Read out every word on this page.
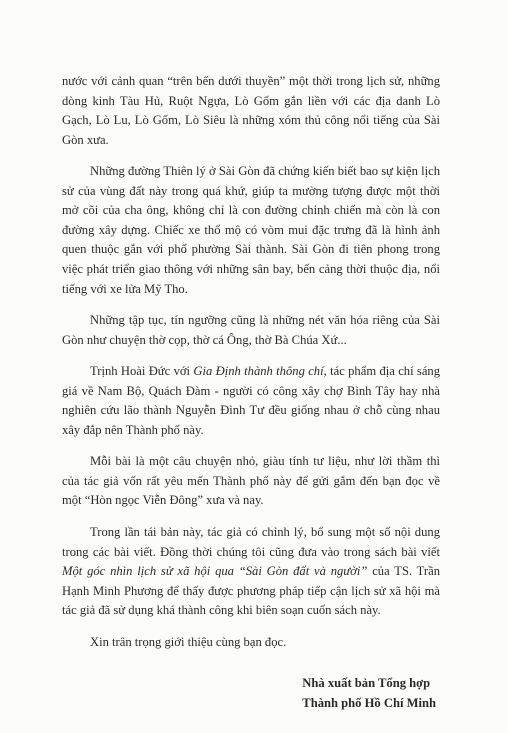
nước với cảnh quan “trên bến dưới thuyền” một thời trong lịch sử, những dòng kinh Tàu Hủ, Ruột Ngựa, Lò Gốm gắn liền với các địa danh Lò Gạch, Lò Lu, Lò Gốm, Lò Siêu là những xóm thủ công nổi tiếng của Sài Gòn xưa.

Những đường Thiên lý ở Sài Gòn đã chứng kiến biết bao sự kiện lịch sử của vùng đất này trong quá khứ, giúp ta mường tượng được một thời mở cõi của cha ông, không chỉ là con đường chinh chiến mà còn là con đường xây dựng. Chiếc xe thổ mộ có vòm mui đặc trưng đã là hình ảnh quen thuộc gắn với phố phường Sài thành. Sài Gòn đi tiên phong trong việc phát triển giao thông với những sân bay, bến cảng thời thuộc địa, nổi tiếng với xe lửa Mỹ Tho.

Những tập tục, tín ngưỡng cũng là những nét văn hóa riêng của Sài Gòn như chuyện thờ cọp, thờ cá Ông, thờ Bà Chúa Xứ...

Trịnh Hoài Đức với Gia Định thành thông chí, tác phẩm địa chí sáng giá về Nam Bộ, Quách Đàm - người có công xây chợ Bình Tây hay nhà nghiên cứu lão thành Nguyễn Đình Tư đều giống nhau ở chỗ cùng nhau xây đắp nên Thành phố này.

Mỗi bài là một câu chuyện nhỏ, giàu tính tư liệu, như lời thầm thì của tác giả vốn rất yêu mến Thành phố này để gửi gắm đến bạn đọc về một “Hòn ngọc Viễn Đông” xưa và nay.

Trong lần tái bản này, tác giả có chỉnh lý, bổ sung một số nội dung trong các bài viết. Đồng thời chúng tôi cũng đưa vào trong sách bài viết Một góc nhìn lịch sử xã hội qua “Sài Gòn đất và người” của TS. Trần Hạnh Minh Phương để thấy được phương pháp tiếp cận lịch sử xã hội mà tác giả đã sử dụng khá thành công khi biên soạn cuốn sách này.

Xin trân trọng giới thiệu cùng bạn đọc.

Nhà xuất bản Tổng hợp
Thành phố Hồ Chí Minh
